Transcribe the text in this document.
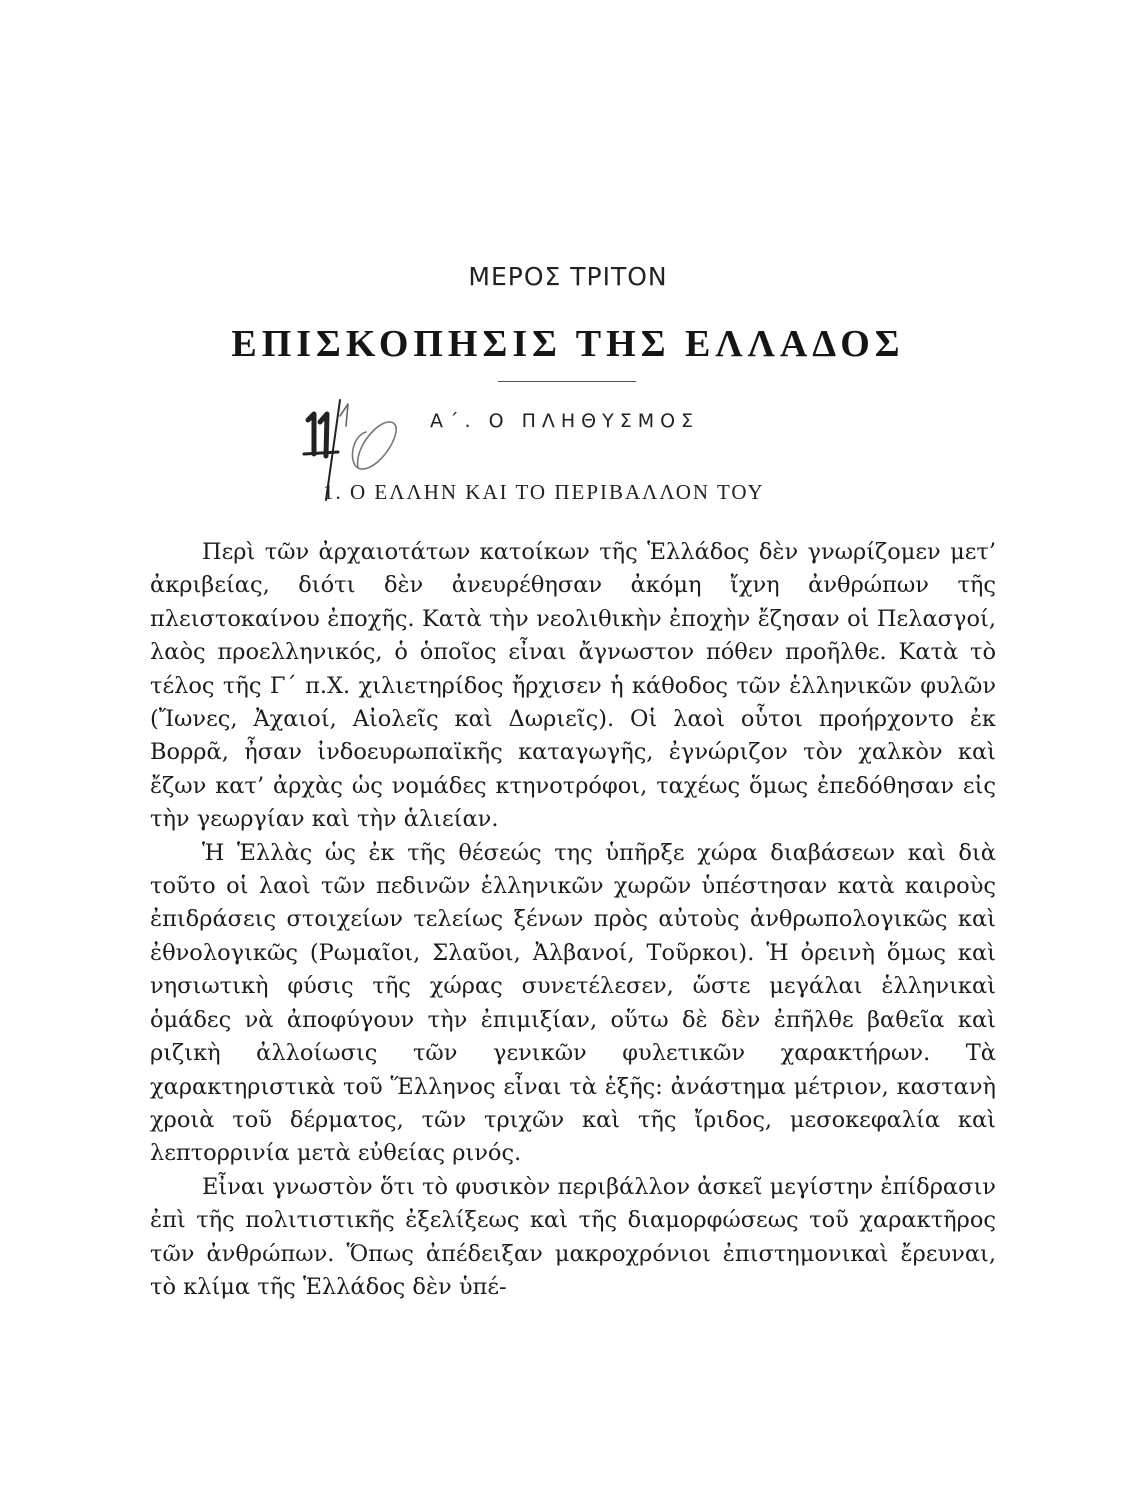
ΜΕΡΟΣ ΤΡΙΤΟΝ
ΕΠΙΣΚΟΠΗΣΙΣ ΤΗΣ ΕΛΛΑΔΟΣ
Α΄. Ο ΠΛΗΘΥΣΜΟΣ
1. Ο ΕΛΛΗΝ ΚΑΙ ΤΟ ΠΕΡΙΒΑΛΛΟΝ ΤΟΥ

Περὶ τῶν ἀρχαιοτάτων κατοίκων τῆς Ἑλλάδος δὲν γνωρίζομεν μετ’ ἀκριβείας, διότι δὲν ἀνευρέθησαν ἀκόμη ἴχνη ἀνθρώπων τῆς πλειστοκαίνου ἐποχῆς. Κατὰ τὴν νεολιθικὴν ἐποχὴν ἔζησαν οἱ Πελασγοί, λαὸς προελληνικός, ὁ ὁποῖος εἶναι ἄγνωστον πόθεν προῆλθε. Κατὰ τὸ τέλος τῆς Γ΄ π.Χ. χιλιετηρίδος ἤρχισεν ἡ κάθοδος τῶν ἑλληνικῶν φυλῶν (Ἴωνες, Ἀχαιοί, Αἰολεῖς καὶ Δωριεῖς). Οἱ λαοὶ οὗτοι προήρχοντο ἐκ Βορρᾶ, ἦσαν ἰνδοευρωπαϊκῆς καταγωγῆς, ἐγνώριζον τὸν χαλκὸν καὶ ἔζων κατ’ ἀρχὰς ὡς νομάδες κτηνοτρόφοι, ταχέως ὅμως ἐπεδόθησαν εἰς τὴν γεωργίαν καὶ τὴν ἁλιείαν.

Ἡ Ἑλλὰς ὡς ἐκ τῆς θέσεώς της ὑπῆρξε χώρα διαβάσεων καὶ διὰ τοῦτο οἱ λαοὶ τῶν πεδινῶν ἑλληνικῶν χωρῶν ὑπέστησαν κατὰ καιροὺς ἐπιδράσεις στοιχείων τελείως ξένων πρὸς αὐτοὺς ἀνθρωπολογικῶς καὶ ἐθνολογικῶς (Ρωμαῖοι, Σλαῦοι, Ἀλβανοί, Τοῦρκοι). Ἡ ὀρεινὴ ὅμως καὶ νησιωτικὴ φύσις τῆς χώρας συνετέλεσεν, ὥστε μεγάλαι ἑλληνικαὶ ὁμάδες νὰ ἀποφύγουν τὴν ἐπιμιξίαν, οὕτω δὲ δὲν ἐπῆλθε βαθεῖα καὶ ριζικὴ ἀλλοίωσις τῶν γενικῶν φυλετικῶν χαρακτήρων. Τὰ χαρακτηριστικὰ τοῦ Ἕλληνος εἶναι τὰ ἑξῆς: ἀνάστημα μέτριον, καστανὴ χροιὰ τοῦ δέρματος, τῶν τριχῶν καὶ τῆς ἴριδος, μεσοκεφαλία καὶ λεπτορρινία μετὰ εὐθείας ρινός.

Εἶναι γνωστὸν ὅτι τὸ φυσικὸν περιβάλλον ἀσκεῖ μεγίστην ἐπίδρασιν ἐπὶ τῆς πολιτιστικῆς ἐξελίξεως καὶ τῆς διαμορφώσεως τοῦ χαρακτῆρος τῶν ἀνθρώπων. Ὅπως ἀπέδειξαν μακροχρόνιοι ἐπιστημονικαὶ ἔρευναι, τὸ κλίμα τῆς Ἑλλάδος δὲν ὑπέ-
